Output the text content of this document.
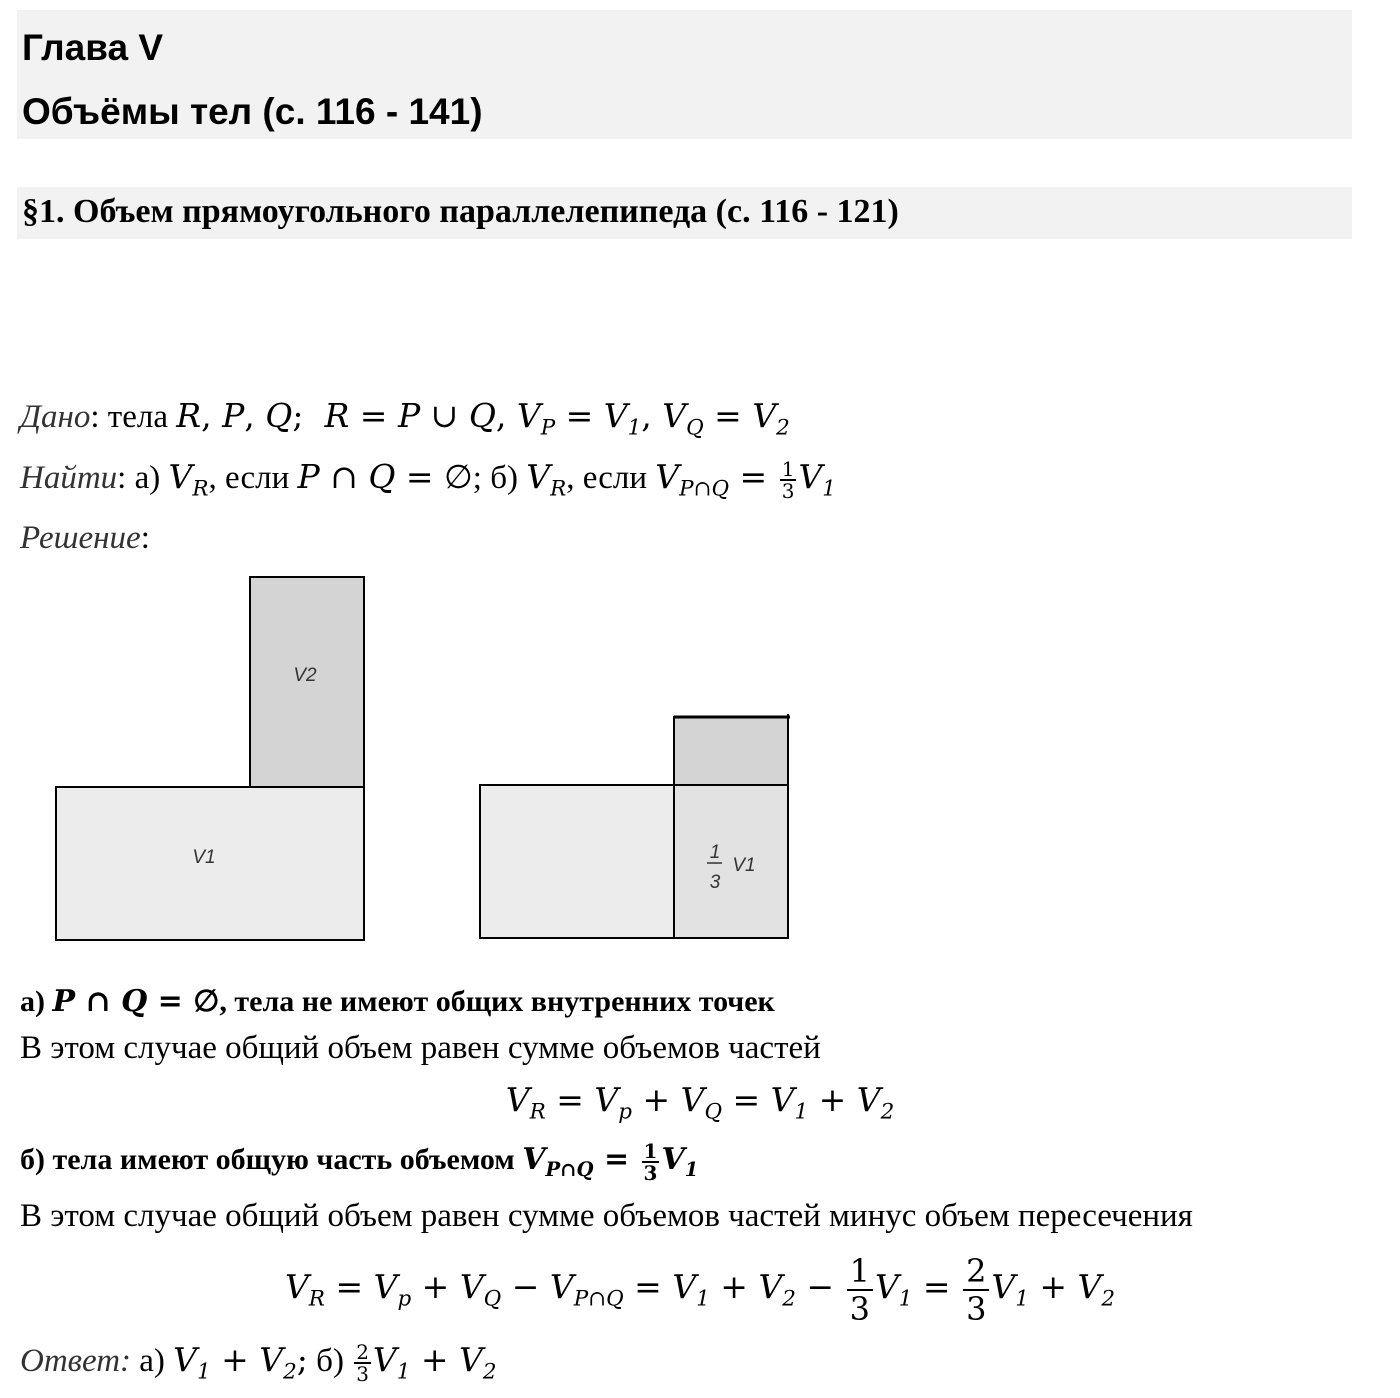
Глава V
Объёмы тел (с. 116 - 141)
§1. Объем прямоугольного параллелепипеда (с. 116 - 121)
Дано: тела R, P, Q;  R = P ∪ Q, $V_P = V_1$, $V_Q = V_2$
Найти: а) $V_R$, если P ∩ Q = ∅; б) $V_R$, если $V_{P\cap Q} = \frac{1}{3} V_1$
Решение:
V2
V1	1
3
V1
а) P ∩ Q = ∅, тела не имеют общих внутренних точек
В этом случае общий объем равен сумме объемов частей
$V_R = V_p + V_Q = V_1 + V_2$
б) тела имеют общую часть объемом $V_{P\cap Q} = \frac{1}{3} V_1$
В этом случае общий объем равен сумме объемов частей минус объем пересечения
$V_R = V_p + V_Q - V_{P\cap Q} = V_1 + V_2 - \frac{1}{3} V_1 = \frac{2}{3} V_1 + V_2$
Ответ: а) $V_1 + V_2$; $б) \frac{2}{3} V_1 + V_2$
